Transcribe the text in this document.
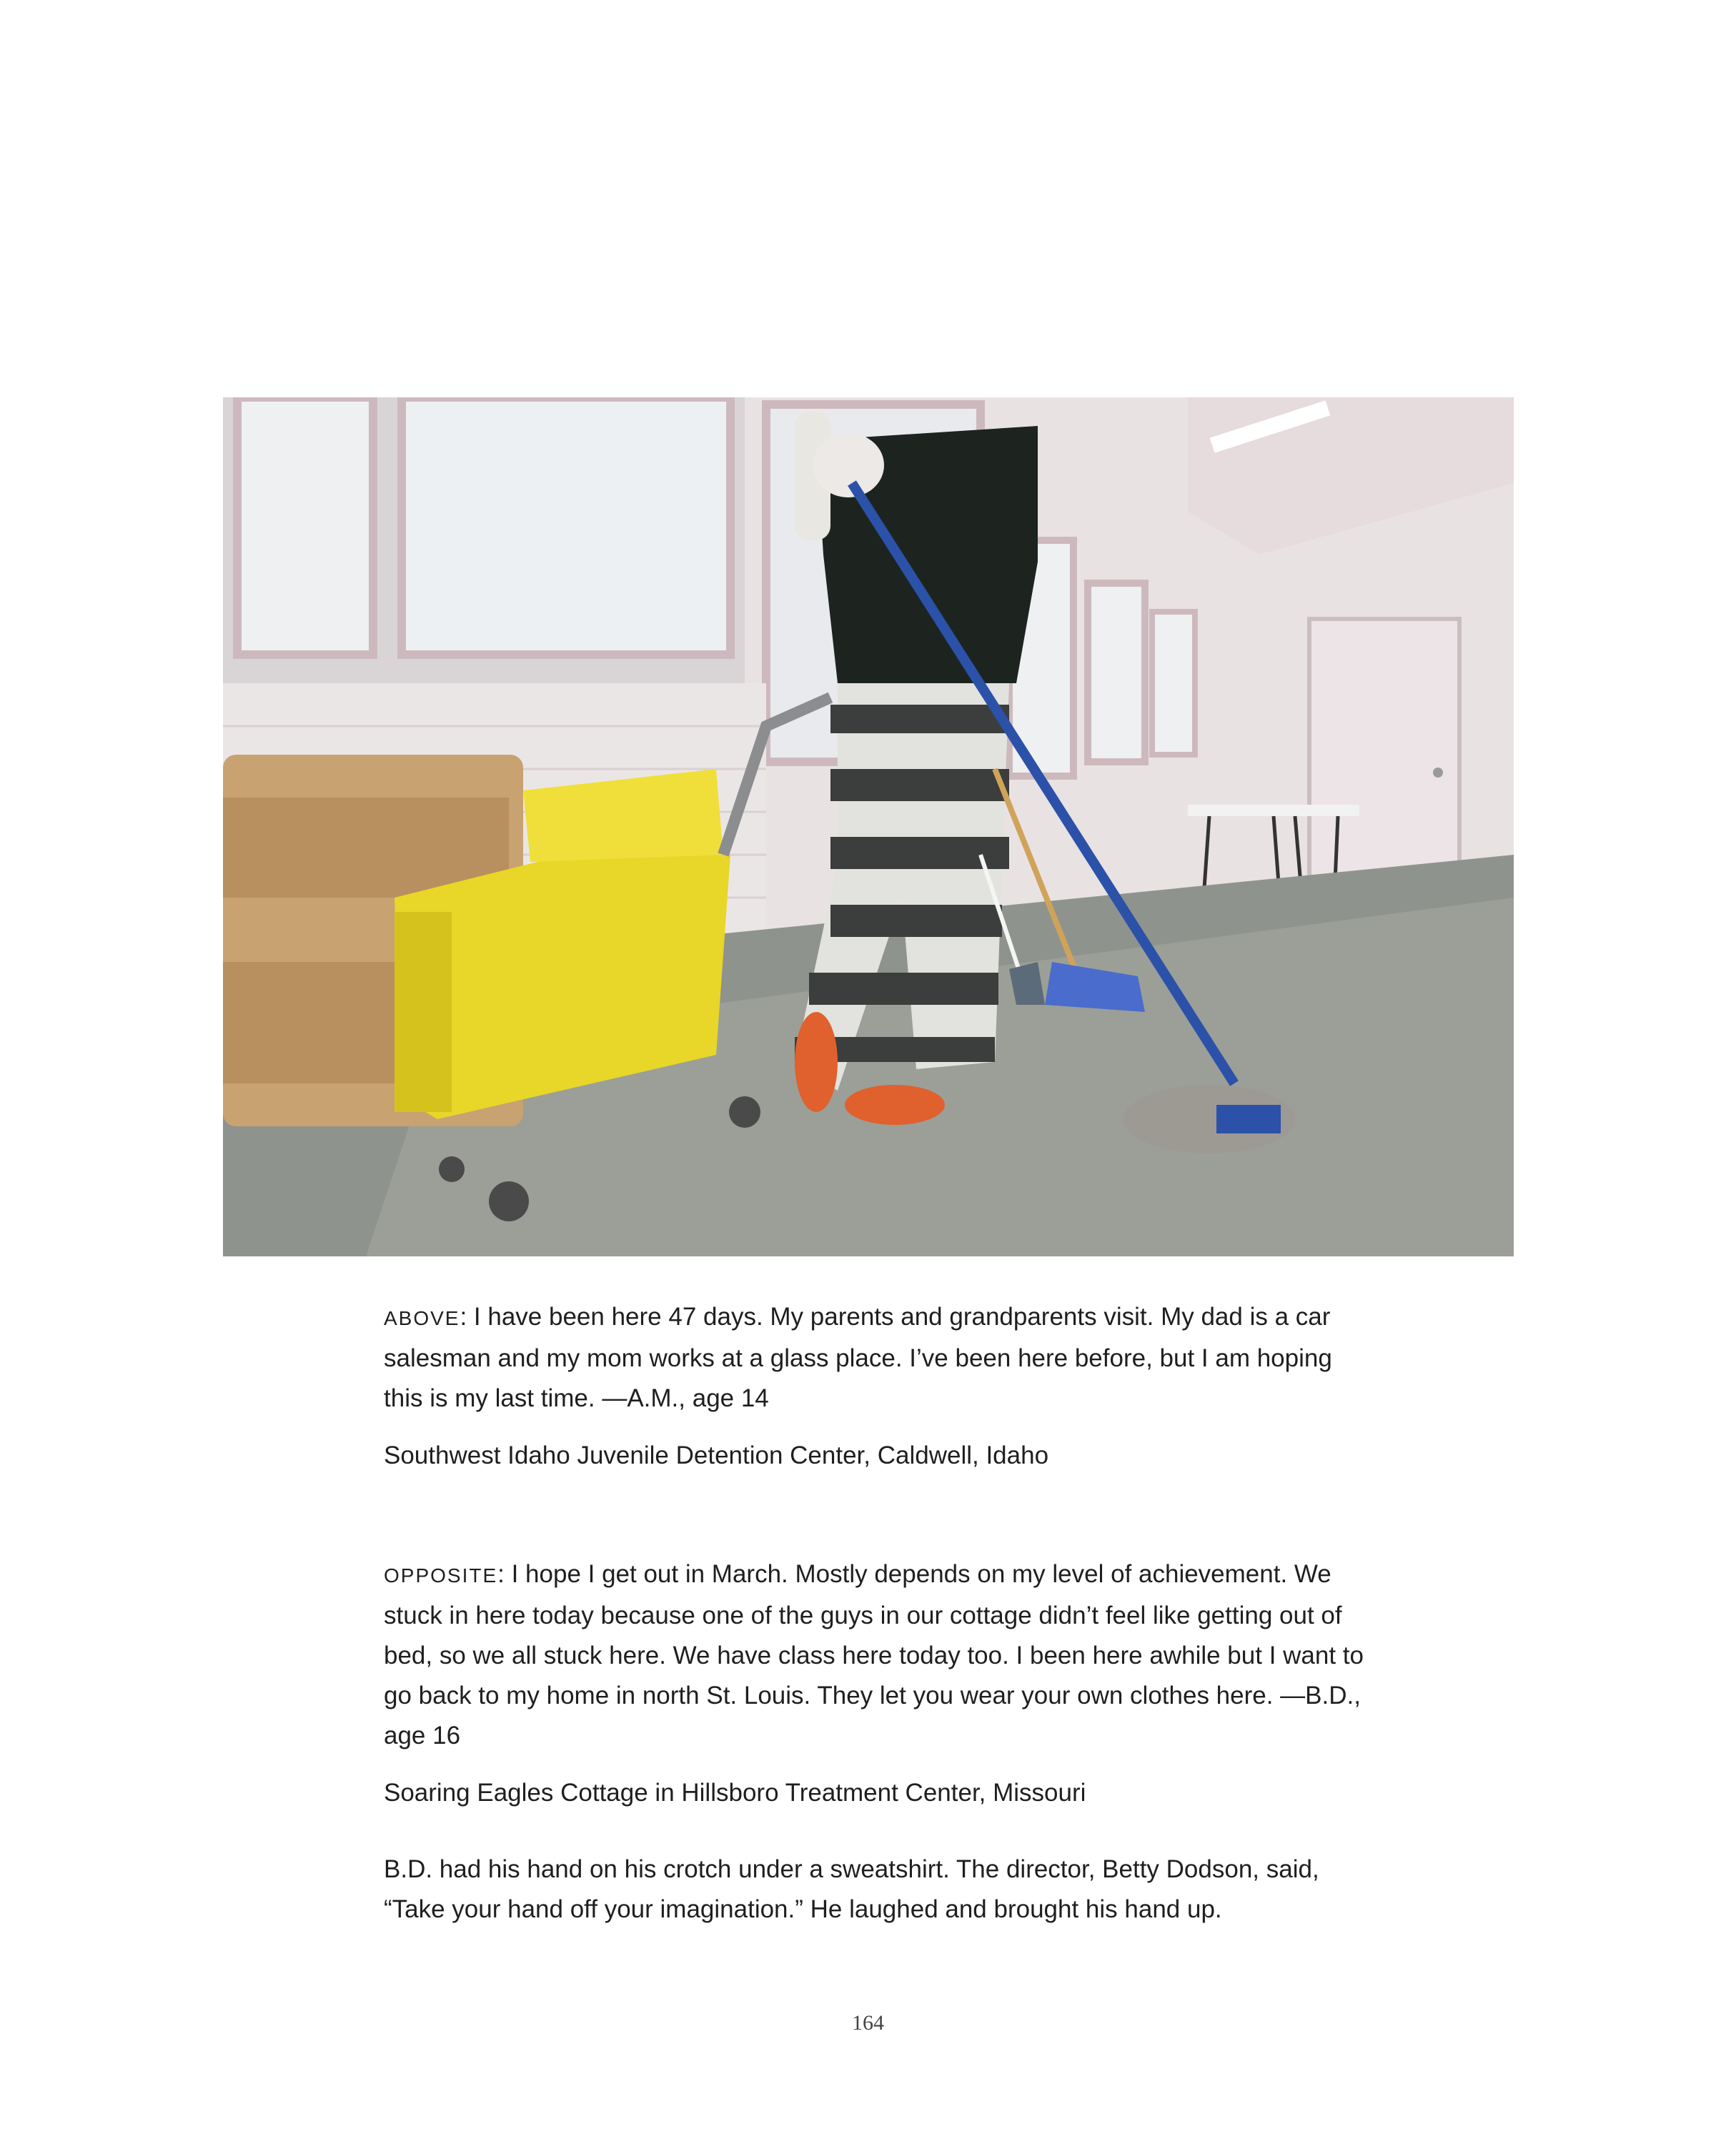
ABOVE: I have been here 47 days. My parents and grandparents visit. My dad is a car salesman and my mom works at a glass place. I’ve been here before, but I am hoping this is my last time. —A.M., age 14

Southwest Idaho Juvenile Detention Center, Caldwell, Idaho

OPPOSITE: I hope I get out in March. Mostly depends on my level of achievement. We stuck in here today because one of the guys in our cottage didn’t feel like getting out of bed, so we all stuck here. We have class here today too. I been here awhile but I want to go back to my home in north St. Louis. They let you wear your own clothes here. —B.D., age 16

Soaring Eagles Cottage in Hillsboro Treatment Center, Missouri

B.D. had his hand on his crotch under a sweatshirt. The director, Betty Dodson, said, “Take your hand off your imagination.” He laughed and brought his hand up.

164
